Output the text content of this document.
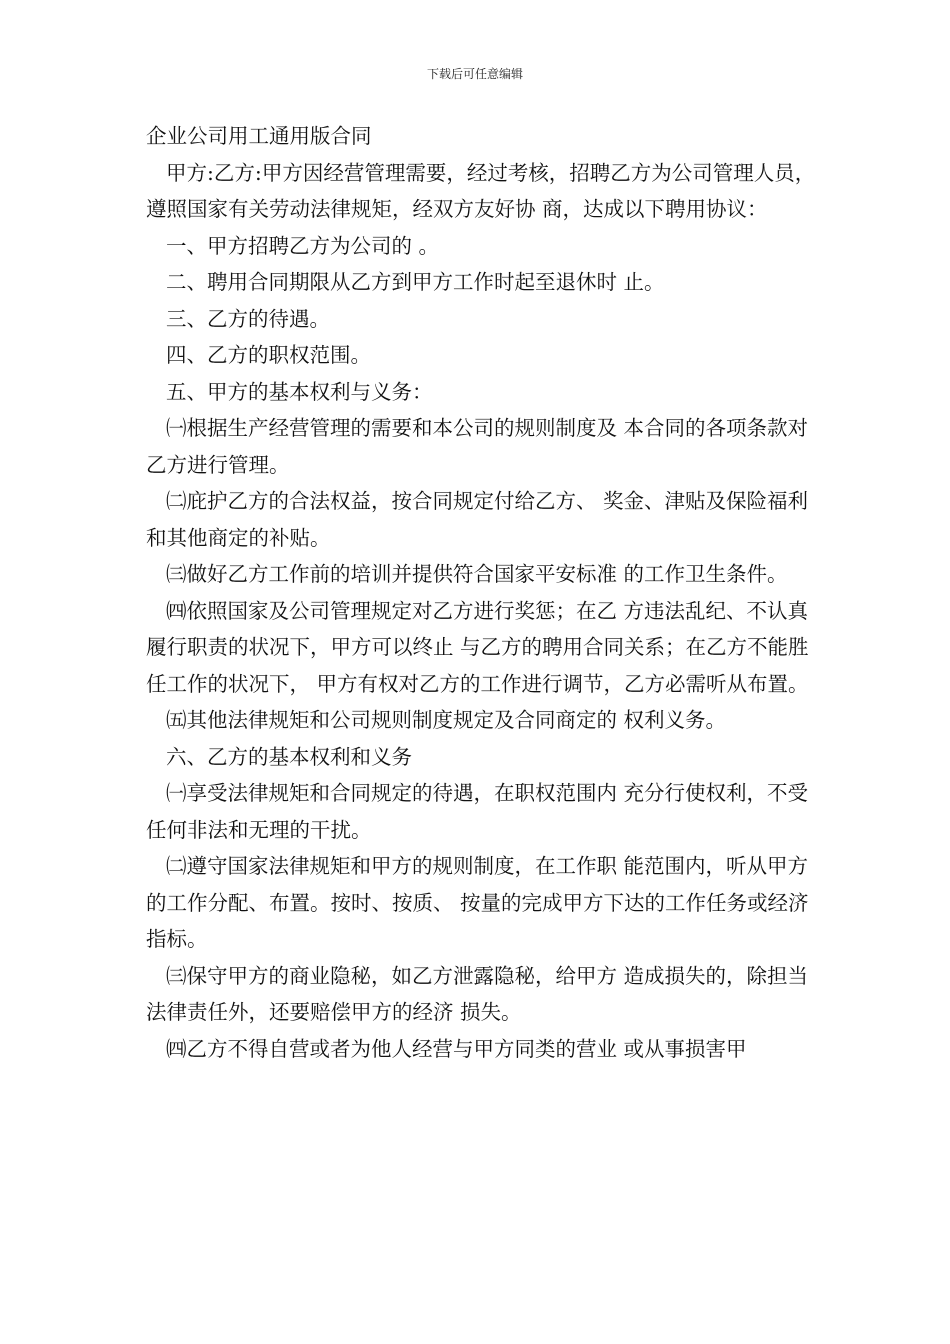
下载后可任意编辑

企业公司用工通用版合同

甲方:乙方:甲方因经营管理需要，经过考核，招聘乙方为公司管理人员，遵照国家有关劳动法律规矩，经双方友好协 商，达成以下聘用协议：

一、甲方招聘乙方为公司的 。

二、聘用合同期限从乙方到甲方工作时起至退休时 止。

三、乙方的待遇。

四、乙方的职权范围。

五、甲方的基本权利与义务：

㈠根据生产经营管理的需要和本公司的规则制度及 本合同的各项条款对乙方进行管理。

㈡庇护乙方的合法权益，按合同规定付给乙方、 奖金、津贴及保险福利和其他商定的补贴。

㈢做好乙方工作前的培训并提供符合国家平安标准 的工作卫生条件。

㈣依照国家及公司管理规定对乙方进行奖惩；在乙 方违法乱纪、不认真履行职责的状况下，甲方可以终止 与乙方的聘用合同关系；在乙方不能胜任工作的状况下， 甲方有权对乙方的工作进行调节，乙方必需听从布置。

㈤其他法律规矩和公司规则制度规定及合同商定的 权利义务。

六、乙方的基本权利和义务

㈠享受法律规矩和合同规定的待遇，在职权范围内 充分行使权利，不受任何非法和无理的干扰。

㈡遵守国家法律规矩和甲方的规则制度，在工作职 能范围内，听从甲方的工作分配、布置。按时、按质、 按量的完成甲方下达的工作任务或经济指标。

㈢保守甲方的商业隐秘，如乙方泄露隐秘，给甲方 造成损失的，除担当法律责任外，还要赔偿甲方的经济 损失。

㈣乙方不得自营或者为他人经营与甲方同类的营业 或从事损害甲
